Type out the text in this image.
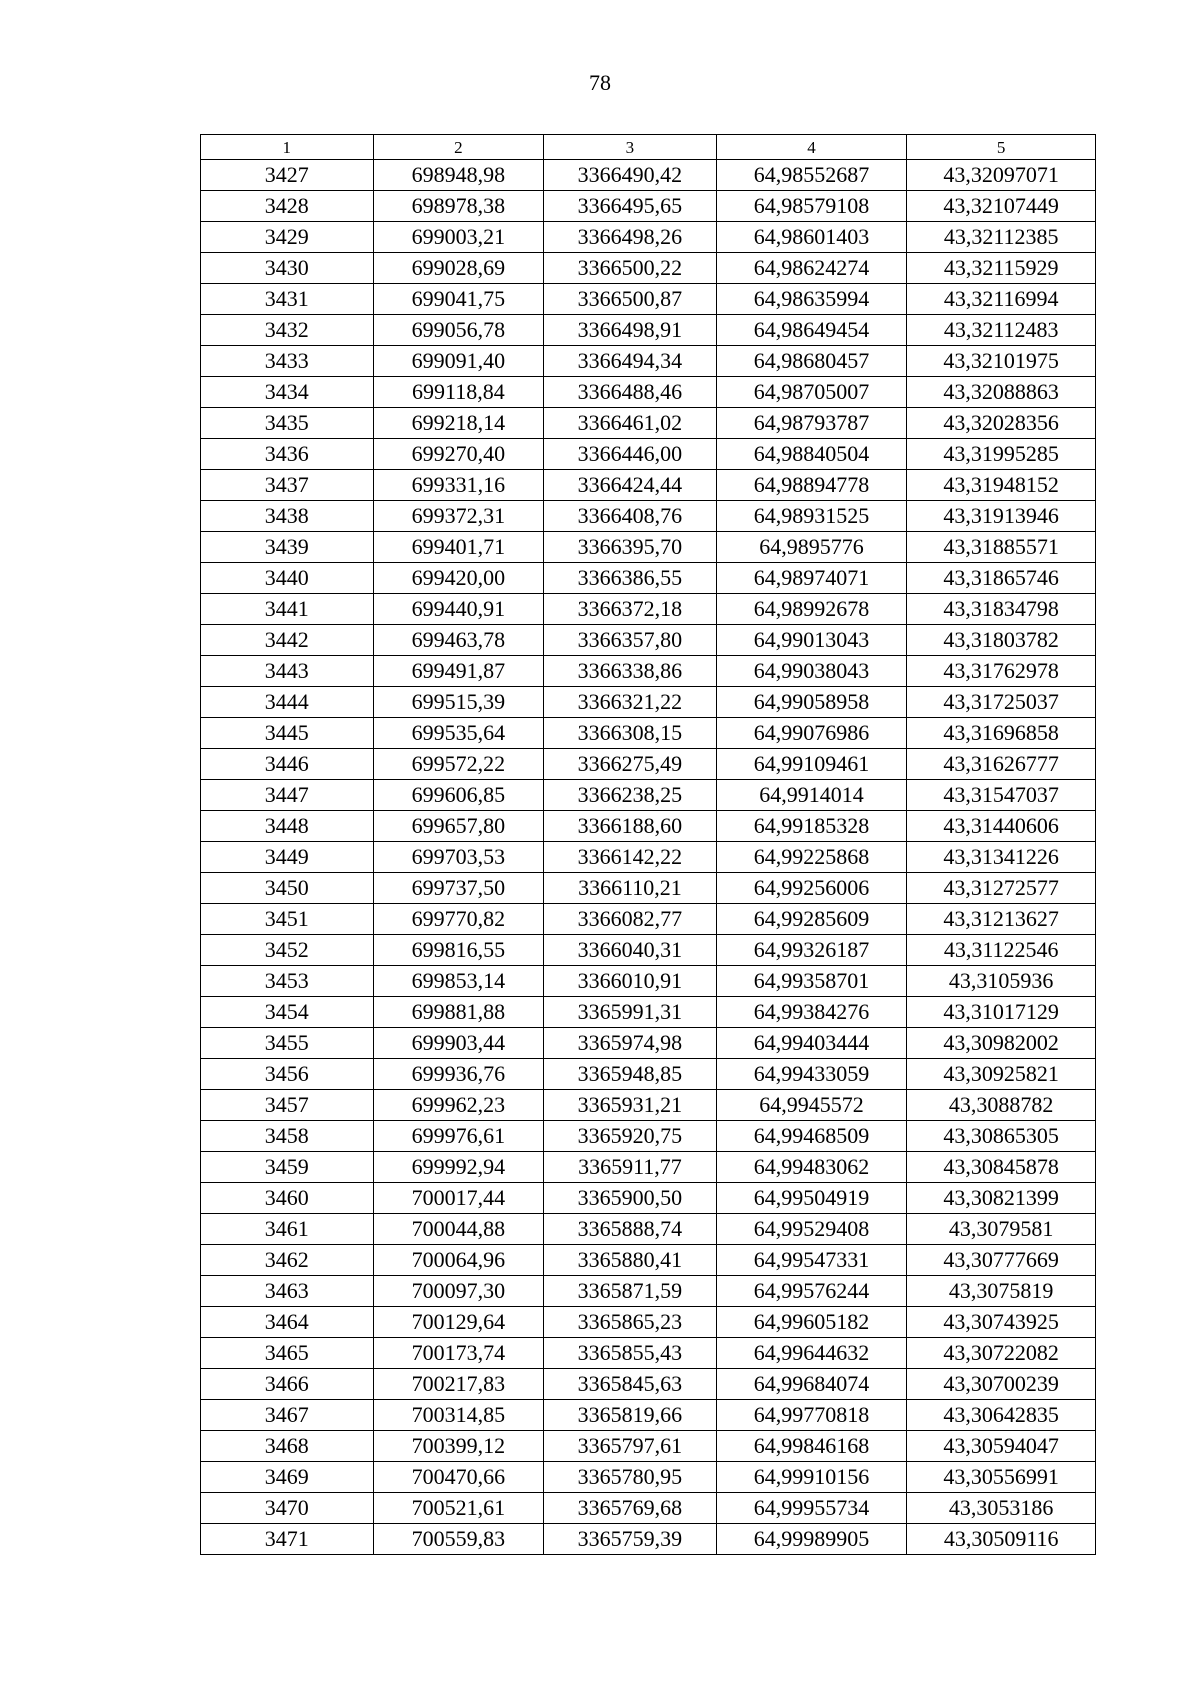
78
1	2	3	4	5
3427	698948,98	3366490,42	64,98552687	43,32097071
3428	698978,38	3366495,65	64,98579108	43,32107449
3429	699003,21	3366498,26	64,98601403	43,32112385
3430	699028,69	3366500,22	64,98624274	43,32115929
3431	699041,75	3366500,87	64,98635994	43,32116994
3432	699056,78	3366498,91	64,98649454	43,32112483
3433	699091,40	3366494,34	64,98680457	43,32101975
3434	699118,84	3366488,46	64,98705007	43,32088863
3435	699218,14	3366461,02	64,98793787	43,32028356
3436	699270,40	3366446,00	64,98840504	43,31995285
3437	699331,16	3366424,44	64,98894778	43,31948152
3438	699372,31	3366408,76	64,98931525	43,31913946
3439	699401,71	3366395,70	64,9895776	43,31885571
3440	699420,00	3366386,55	64,98974071	43,31865746
3441	699440,91	3366372,18	64,98992678	43,31834798
3442	699463,78	3366357,80	64,99013043	43,31803782
3443	699491,87	3366338,86	64,99038043	43,31762978
3444	699515,39	3366321,22	64,99058958	43,31725037
3445	699535,64	3366308,15	64,99076986	43,31696858
3446	699572,22	3366275,49	64,99109461	43,31626777
3447	699606,85	3366238,25	64,9914014	43,31547037
3448	699657,80	3366188,60	64,99185328	43,31440606
3449	699703,53	3366142,22	64,99225868	43,31341226
3450	699737,50	3366110,21	64,99256006	43,31272577
3451	699770,82	3366082,77	64,99285609	43,31213627
3452	699816,55	3366040,31	64,99326187	43,31122546
3453	699853,14	3366010,91	64,99358701	43,3105936
3454	699881,88	3365991,31	64,99384276	43,31017129
3455	699903,44	3365974,98	64,99403444	43,30982002
3456	699936,76	3365948,85	64,99433059	43,30925821
3457	699962,23	3365931,21	64,9945572	43,3088782
3458	699976,61	3365920,75	64,99468509	43,30865305
3459	699992,94	3365911,77	64,99483062	43,30845878
3460	700017,44	3365900,50	64,99504919	43,30821399
3461	700044,88	3365888,74	64,99529408	43,3079581
3462	700064,96	3365880,41	64,99547331	43,30777669
3463	700097,30	3365871,59	64,99576244	43,3075819
3464	700129,64	3365865,23	64,99605182	43,30743925
3465	700173,74	3365855,43	64,99644632	43,30722082
3466	700217,83	3365845,63	64,99684074	43,30700239
3467	700314,85	3365819,66	64,99770818	43,30642835
3468	700399,12	3365797,61	64,99846168	43,30594047
3469	700470,66	3365780,95	64,99910156	43,30556991
3470	700521,61	3365769,68	64,99955734	43,3053186
3471	700559,83	3365759,39	64,99989905	43,30509116
